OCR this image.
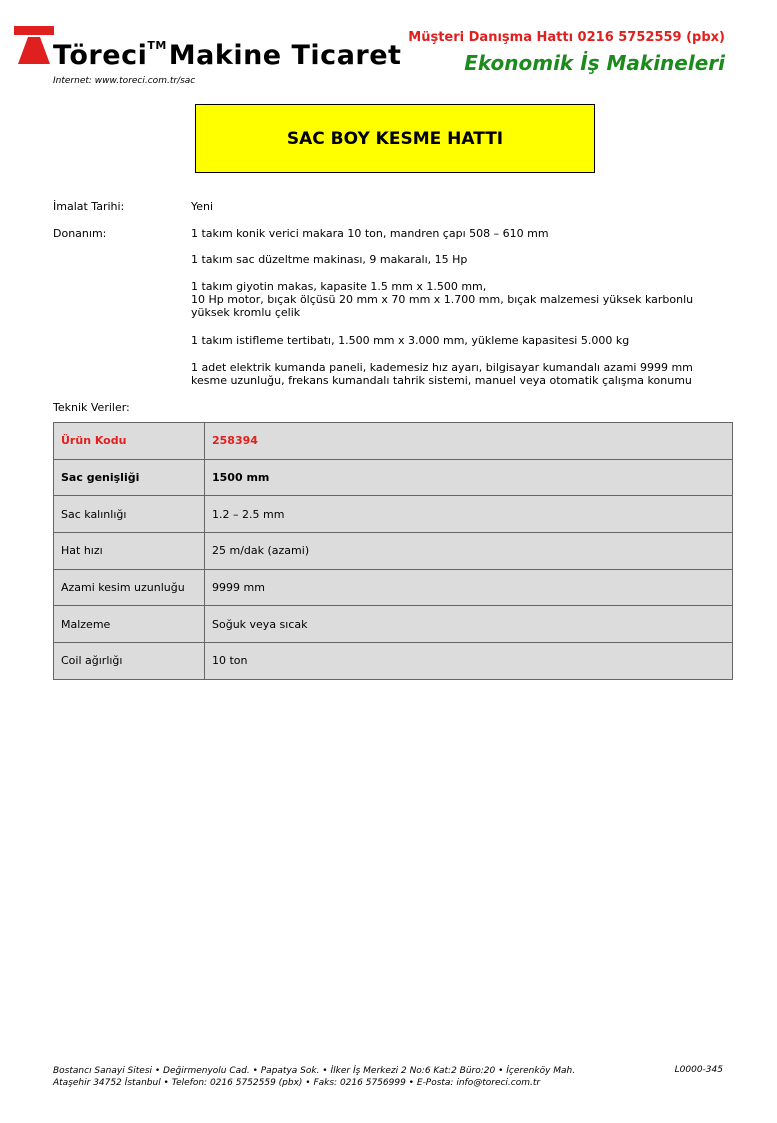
Töreci™Makine Ticaret
Internet: www.toreci.com.tr/sac
Müşteri Danışma Hattı 0216 5752559 (pbx)
Ekonomik İş Makineleri
SAC BOY KESME HATTI
İmalat Tarihi:	Yeni
Donanım:	1 takım konik verici makara 10 ton, mandren çapı 508 – 610 mm
1 takım sac düzeltme makinası, 9 makaralı, 15 Hp
1 takım giyotin makas, kapasite 1.5 mm x 1.500 mm,
10 Hp motor, bıçak ölçüsü 20 mm x 70 mm x 1.700 mm, bıçak malzemesi yüksek karbonlu yüksek kromlu çelik
1 takım istifleme tertibatı, 1.500 mm x 3.000 mm, yükleme kapasitesi 5.000 kg
1 adet elektrik kumanda paneli, kademesiz hız ayarı, bilgisayar kumandalı azami 9999 mm kesme uzunluğu, frekans kumandalı tahrik sistemi, manuel veya otomatik çalışma konumu
Teknik Veriler:
Ürün Kodu	258394
Sac genişliği	1500 mm
Sac kalınlığı	1.2 – 2.5 mm
Hat hızı	25 m/dak (azami)
Azami kesim uzunluğu	9999 mm
Malzeme	Soğuk veya sıcak
Coil ağırlığı	10 ton
Bostancı Sanayi Sitesi • Değirmenyolu Cad. • Papatya Sok. • İlker İş Merkezi 2 No:6 Kat:2 Büro:20 • İçerenköy Mah.
Ataşehir 34752 İstanbul • Telefon: 0216 5752559 (pbx) • Faks: 0216 5756999 • E-Posta: info@toreci.com.tr
L0000-345
